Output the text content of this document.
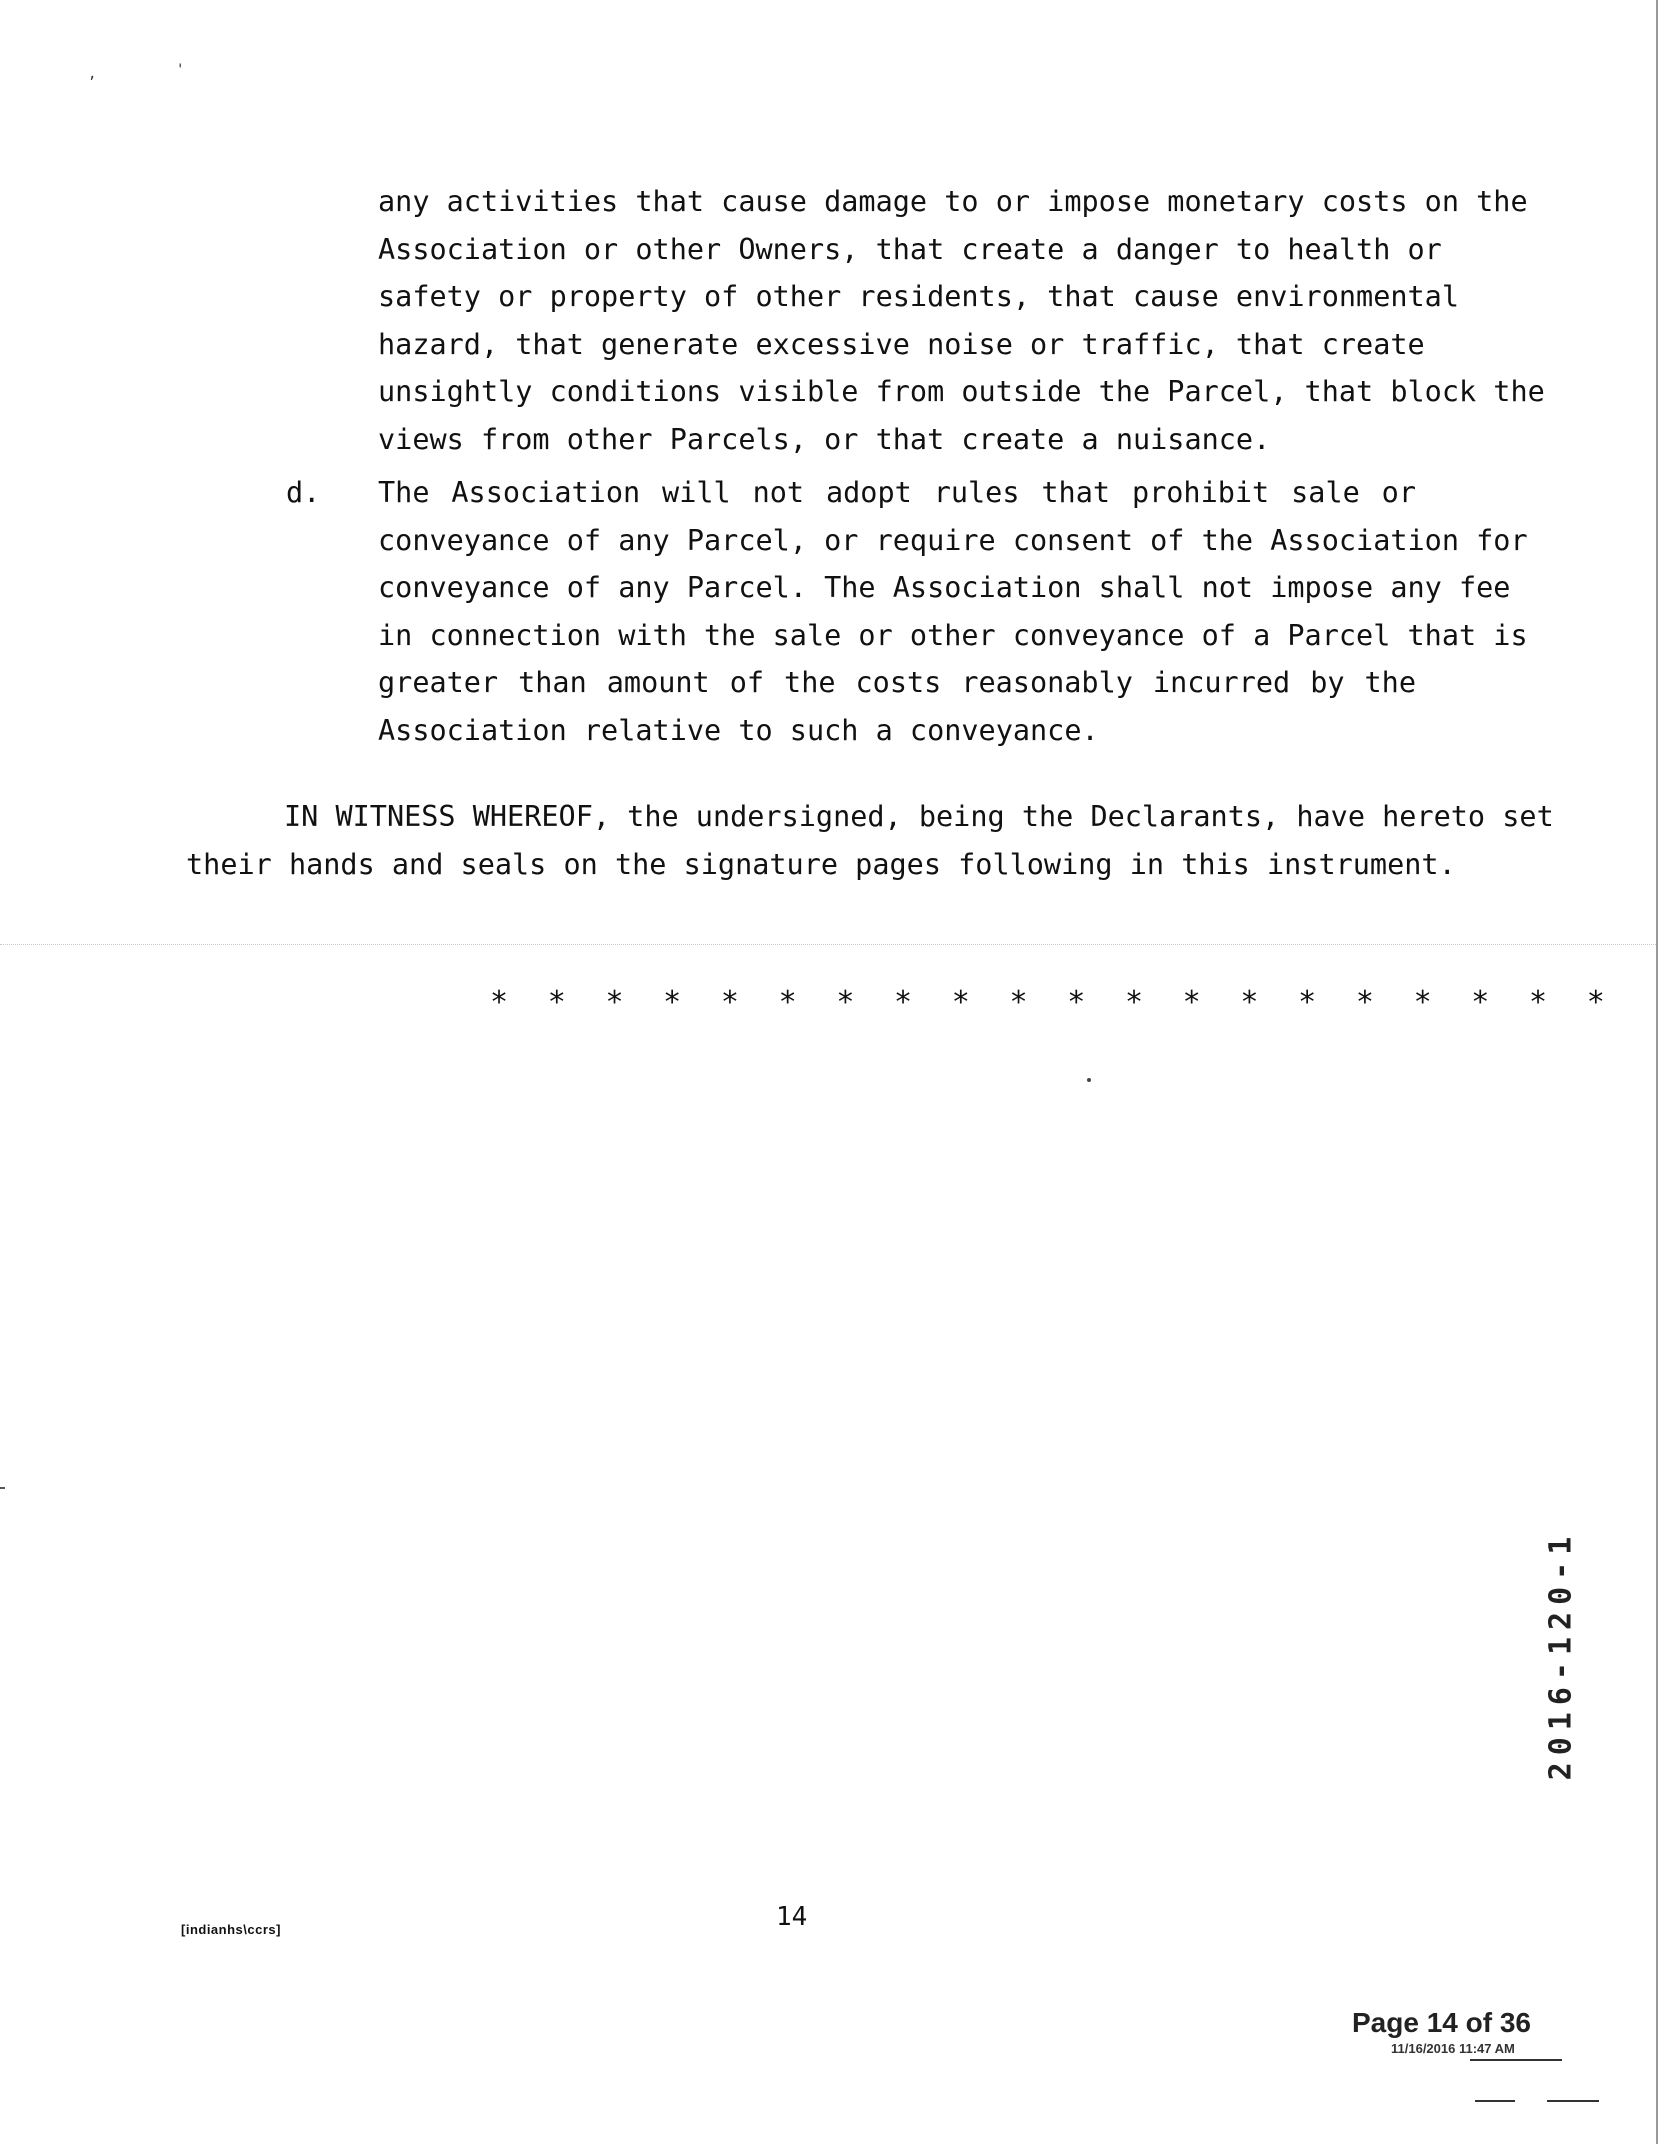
,	'
any activities that cause damage to or impose monetary costs on the
Association or other Owners, that create a danger to health or
safety or property of other residents, that cause environmental
hazard, that generate excessive noise or traffic, that create
unsightly conditions visible from outside the Parcel, that block the
views from other Parcels, or that create a nuisance.
d. The Association will not adopt rules that prohibit sale or
conveyance of any Parcel, or require consent of the Association for
conveyance of any Parcel. The Association shall not impose any fee
in connection with the sale or other conveyance of a Parcel that is
greater than amount of the costs reasonably incurred by the
Association relative to such a conveyance.
IN WITNESS WHEREOF, the undersigned, being the Declarants, have hereto set
their hands and seals on the signature pages following in this instrument.
* * * * * * * * * * * * * * * * * * * *
2016-120-1
14
[indianhs\ccrs]
Page 14 of 36
11/16/2016 11:47 AM
